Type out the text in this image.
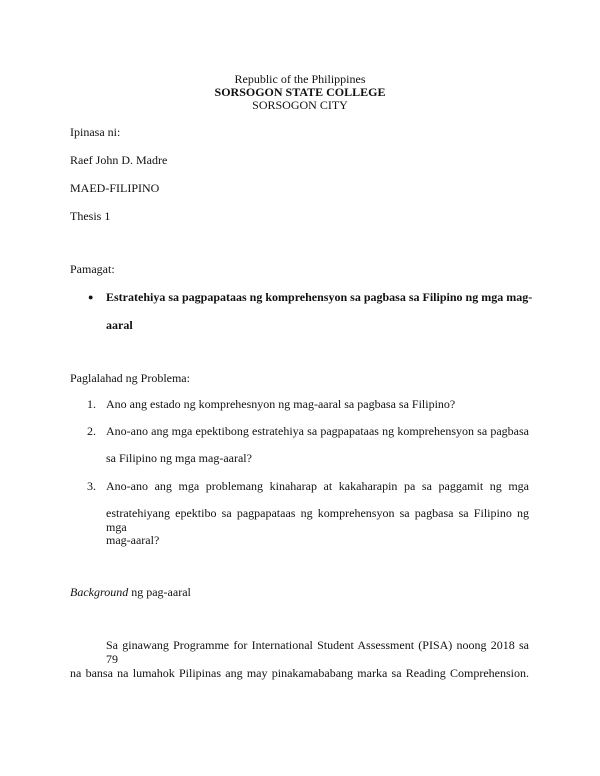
Republic of the Philippines
SORSOGON STATE COLLEGE
SORSOGON CITY
Ipinasa ni:
Raef John D. Madre
MAED-FILIPINO
Thesis 1
Pamagat:
● Estratehiya sa pagpapataas ng komprehensyon sa pagbasa sa Filipino ng mga mag-
aaral
Paglalahad ng Problema:
1. Ano ang estado ng komprehesnyon ng mag-aaral sa pagbasa sa Filipino?
2. Ano-ano ang mga epektibong estratehiya sa pagpapataas ng komprehensyon sa pagbasa
sa Filipino ng mga mag-aaral?
3. Ano-ano ang mga problemang kinaharap at kakaharapin pa sa paggamit ng mga
estratehiyang epektibo sa pagpapataas ng komprehensyon sa pagbasa sa Filipino ng mga
mag-aaral?
Background ng pag-aaral
Sa ginawang Programme for International Student Assessment (PISA) noong 2018 sa 79
na bansa na lumahok Pilipinas ang may pinakamababang marka sa Reading Comprehension.
